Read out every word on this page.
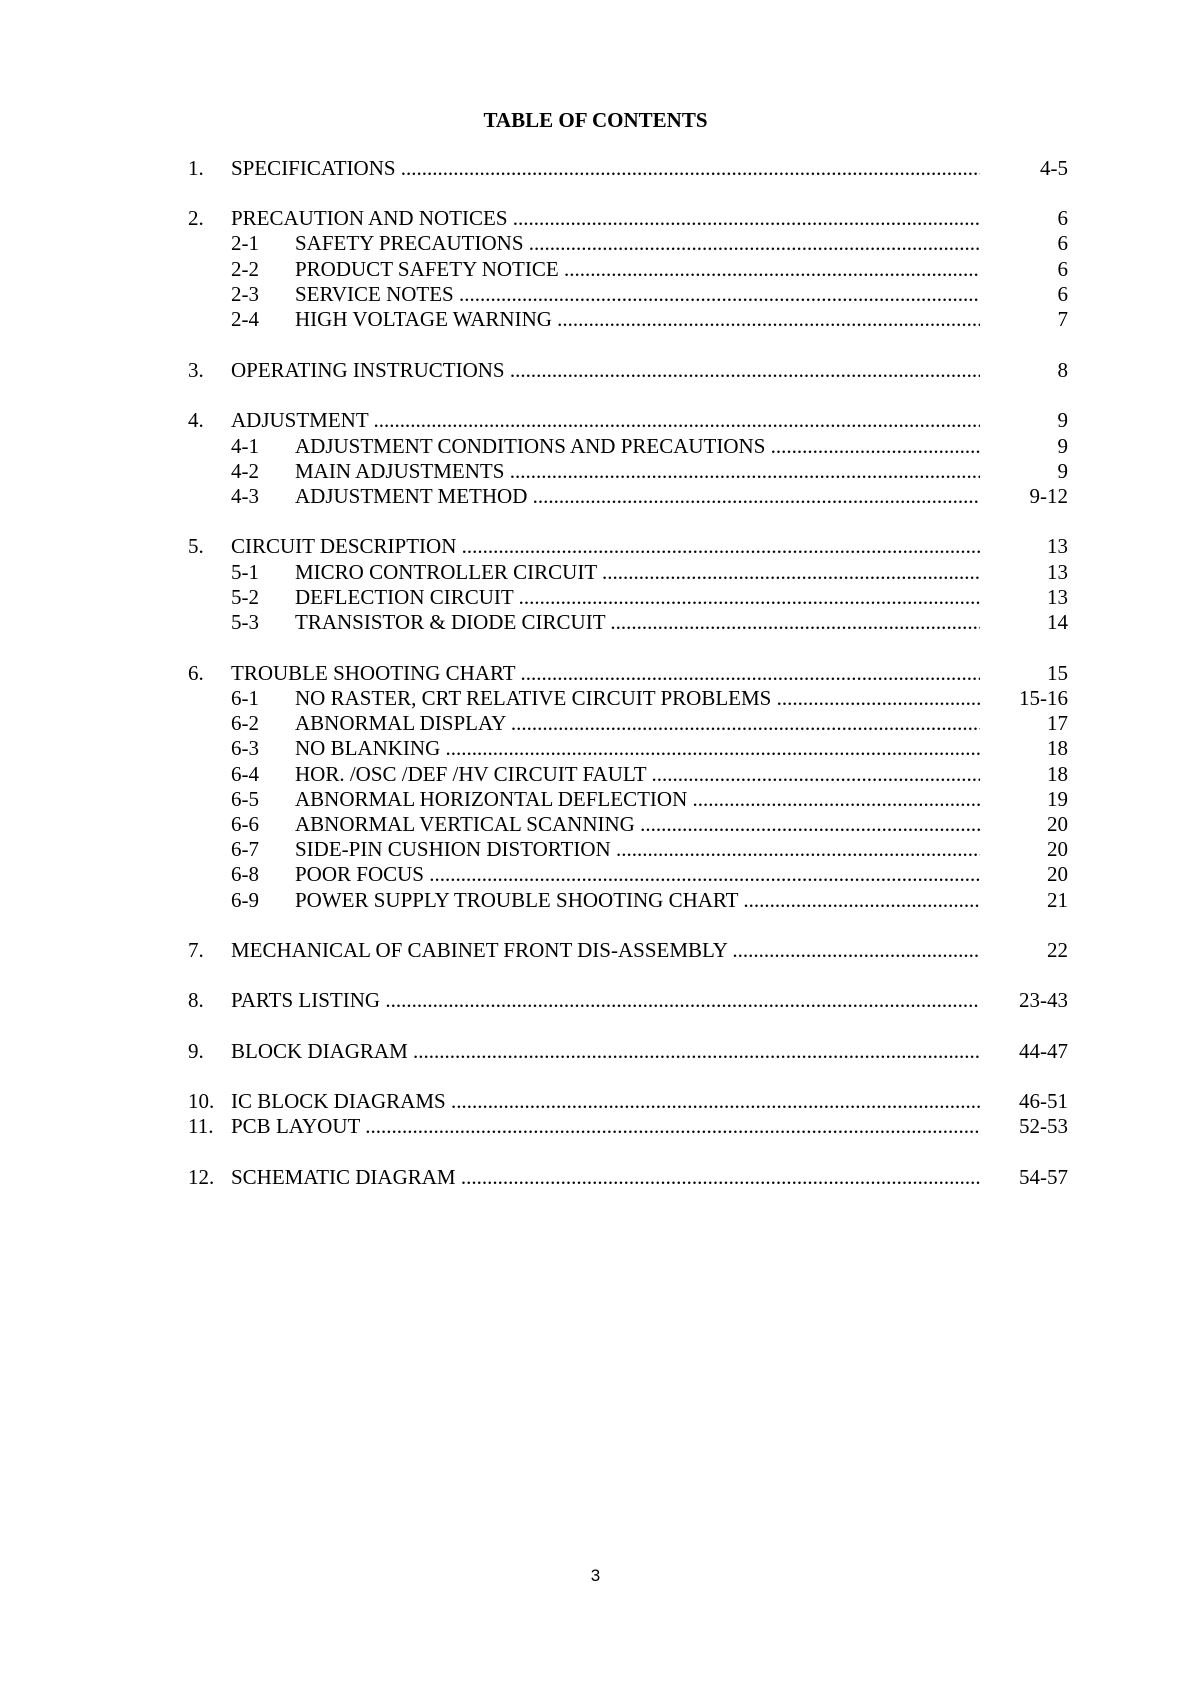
TABLE OF CONTENTS
1. SPECIFICATIONS .....	4-5
2. PRECAUTION AND NOTICES .....	6
2-1 SAFETY PRECAUTIONS .....	6
2-2 PRODUCT SAFETY NOTICE .....	6
2-3 SERVICE NOTES .....	6
2-4 HIGH VOLTAGE WARNING .....	7
3. OPERATING INSTRUCTIONS .....	8
4. ADJUSTMENT .....	9
4-1 ADJUSTMENT CONDITIONS AND PRECAUTIONS .....	9
4-2 MAIN ADJUSTMENTS .....	9
4-3 ADJUSTMENT METHOD .....	9-12
5. CIRCUIT DESCRIPTION .....	13
5-1 MICRO CONTROLLER CIRCUIT .....	13
5-2 DEFLECTION CIRCUIT .....	13
5-3 TRANSISTOR & DIODE CIRCUIT .....	14
6. TROUBLE SHOOTING CHART .....	15
6-1 NO RASTER, CRT RELATIVE CIRCUIT PROBLEMS .....	15-16
6-2 ABNORMAL DISPLAY .....	17
6-3 NO BLANKING .....	18
6-4 HOR. /OSC /DEF /HV CIRCUIT FAULT .....	18
6-5 ABNORMAL HORIZONTAL DEFLECTION .....	19
6-6 ABNORMAL VERTICAL SCANNING .....	20
6-7 SIDE-PIN CUSHION DISTORTION .....	20
6-8 POOR FOCUS .....	20
6-9 POWER SUPPLY TROUBLE SHOOTING CHART .....	21
7. MECHANICAL OF CABINET FRONT DIS-ASSEMBLY .....	22
8. PARTS LISTING .....	23-43
9. BLOCK DIAGRAM .....	44-47
10. IC BLOCK DIAGRAMS .....	46-51
11. PCB LAYOUT .....	52-53
12. SCHEMATIC DIAGRAM .....	54-57
3
